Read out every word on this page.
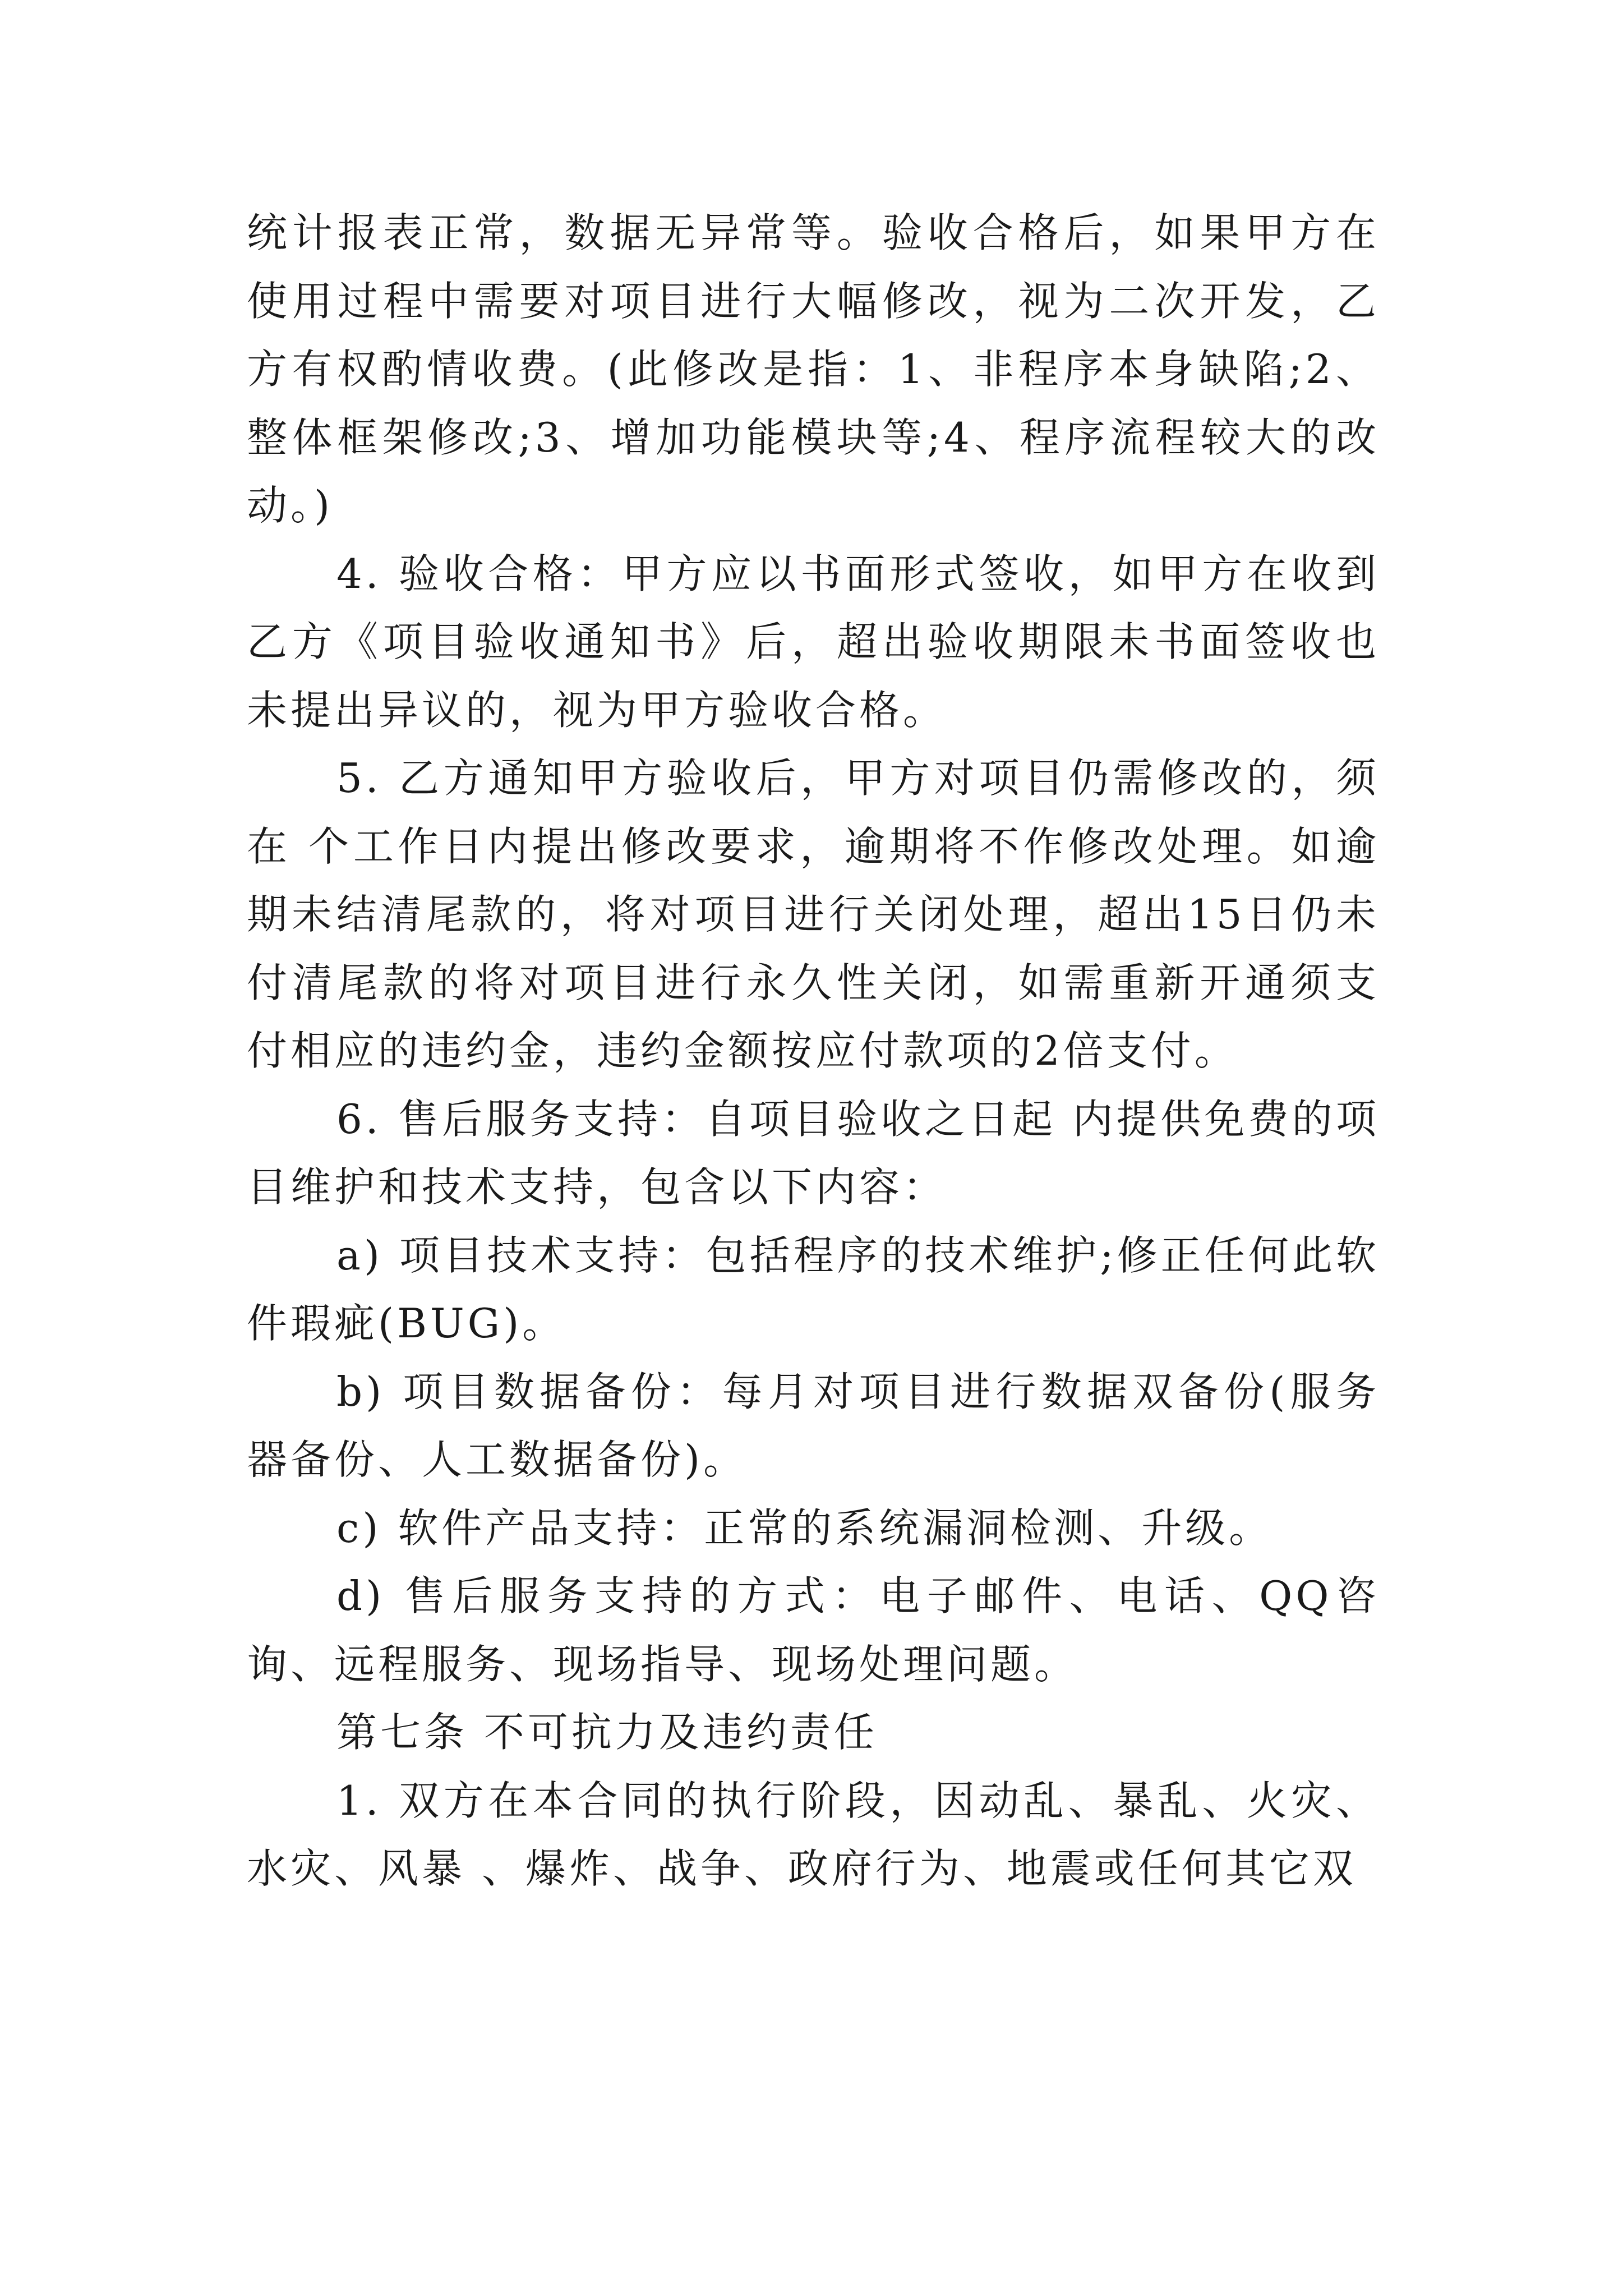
统计报表正常，数据无异常等。验收合格后，如果甲方在使用过程中需要对项目进行大幅修改，视为二次开发，乙方有权酌情收费。(此修改是指：1、非程序本身缺陷;2、整体框架修改;3、增加功能模块等;4、程序流程较大的改动。)

4. 验收合格：甲方应以书面形式签收，如甲方在收到乙方《项目验收通知书》后，超出验收期限未书面签收也未提出异议的，视为甲方验收合格。

5. 乙方通知甲方验收后，甲方对项目仍需修改的，须在 个工作日内提出修改要求，逾期将不作修改处理。如逾期未结清尾款的，将对项目进行关闭处理，超出15日仍未付清尾款的将对项目进行永久性关闭，如需重新开通须支付相应的违约金，违约金额按应付款项的2倍支付。

6. 售后服务支持：自项目验收之日起 内提供免费的项目维护和技术支持，包含以下内容：

a) 项目技术支持：包括程序的技术维护;修正任何此软件瑕疵(BUG)。

b) 项目数据备份：每月对项目进行数据双备份(服务器备份、人工数据备份)。

c) 软件产品支持：正常的系统漏洞检测、升级。

d) 售后服务支持的方式：电子邮件、电话、QQ咨询、远程服务、现场指导、现场处理问题。

第七条 不可抗力及违约责任

1. 双方在本合同的执行阶段，因动乱、暴乱、火灾、水灾、风暴 、爆炸、战争、政府行为、地震或任何其它双
